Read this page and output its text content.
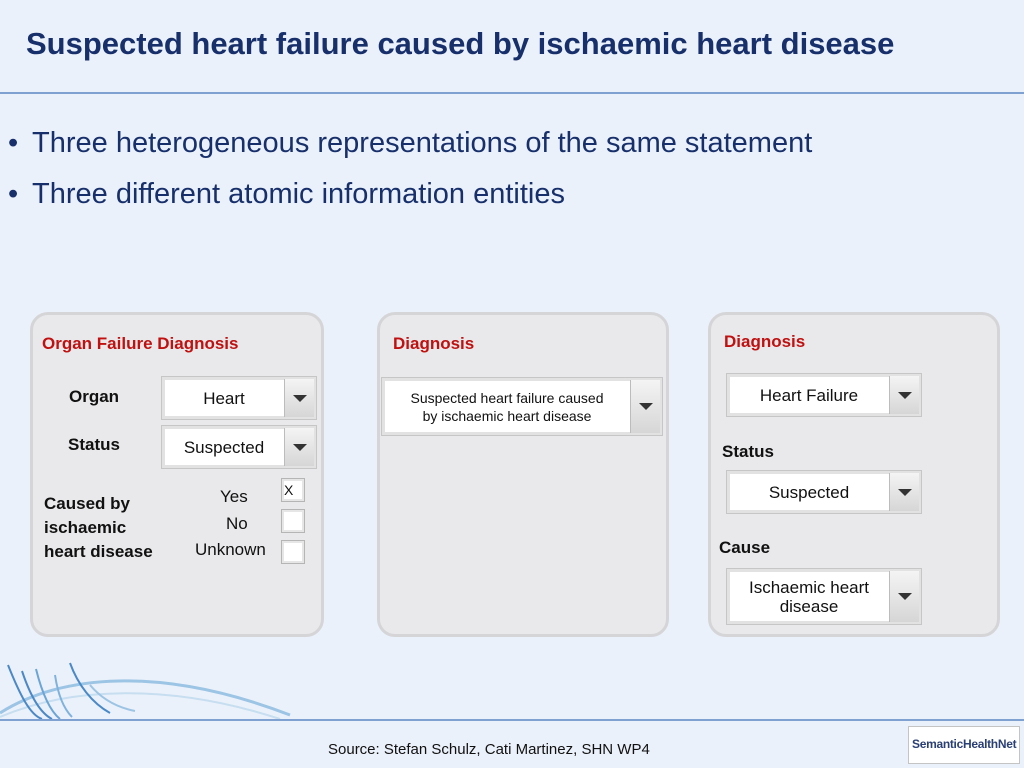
Suspected heart failure caused by ischaemic heart disease
• Three heterogeneous representations of the same statement
• Three different atomic information entities
Organ Failure Diagnosis
Organ	Heart
Status	Suspected
Caused by
ischaemic
heart disease
Yes	X
No
Unknown
Diagnosis
Suspected heart failure caused
by ischaemic heart disease
Diagnosis
Heart Failure
Status
Suspected
Cause
Ischaemic heart
disease
Source: Stefan Schulz, Cati Martinez, SHN WP4	SemanticHealthNet
